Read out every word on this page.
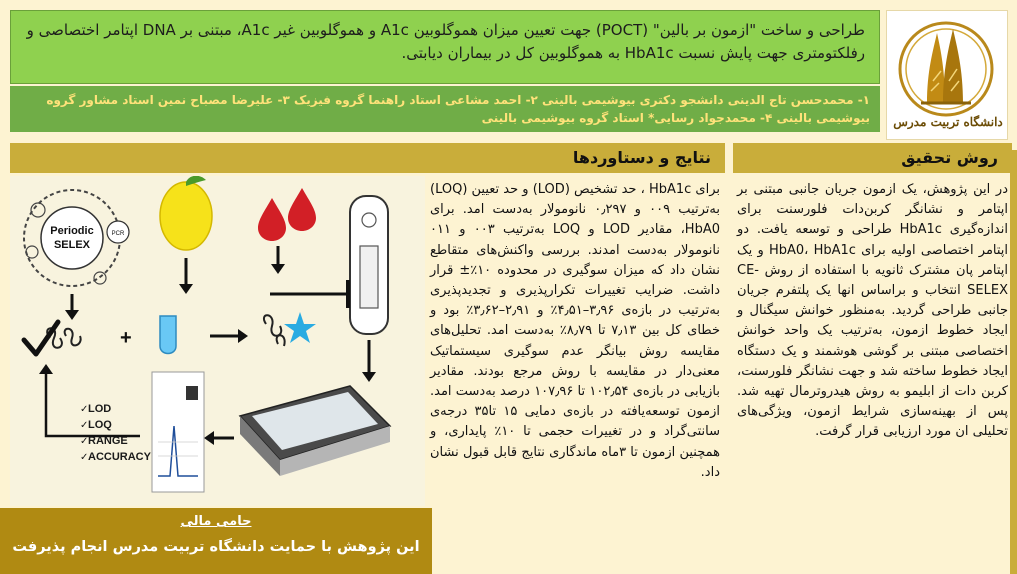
دانشگاه تربیت مدرس
طراحی و ساخت "ازمون بر بالین" (POCT) جهت تعیین میزان هموگلوبین A1c و هموگلوبین غیر A1c، مبتنی بر DNA اپتامر اختصاصی و رفلکتومتری جهت پایش نسبت HbA1c به هموگلوبین کل در بیماران دیابتی.
۱- محمدحسن تاج الدینی دانشجو دکتری بیوشیمی بالینی ۲- احمد مشاعی استاد راهنما گروه فیزیک ۳- علیرضا مصباح نمین استاد مشاور گروه بیوشیمی بالینی ۴- محمدجواد رسایی* استاد گروه بیوشیمی بالینی
نتایج و دستاوردها	روش تحقیق
در این پژوهش، یک ازمون جریان جانبی مبتنی بر اپتامر و نشانگر کربن‌دات فلورسنت برای اندازه‌گیری HbA1c طراحی و توسعه یافت. دو اپتامر اختصاصی اولیه برای HbA0، HbA1c و یک اپتامر پان مشترک ثانویه با استفاده از روش CE-SELEX انتخاب و براساس انها یک پلتفرم جریان جانبی طراحی گردید. به‌منظور خوانش سیگنال و ایجاد خطوط ازمون، به‌ترتیب یک واحد خوانش اختصاصی مبتنی بر گوشی هوشمند و یک دستگاه ایجاد خطوط ساخته شد و جهت نشانگر فلورسنت، کربن دات از ابلیمو به روش هیدروترمال تهیه شد. پس از بهینه‌سازی شرایط ازمون، ویژگی‌های تحلیلی ان مورد ارزیابی قرار گرفت.
برای HbA1c ، حد تشخیص (LOD) و حد تعیین (LOQ) به‌ترتیب ۰۰۹ و ۰٫۲۹۷ نانومولار به‌دست امد. برای HbA0، مقادیر LOD و LOQ به‌ترتیب ۰۰۳ و ۰۱۱ نانومولار به‌دست امدند. بررسی واکنش‌های متقاطع نشان داد که میزان سوگیری در محدوده ۱۰٪± قرار داشت. ضرایب تغییرات تکرارپذیری و تجدیدپذیری به‌ترتیب در بازه‌ی ۳٫۹۶–۴٫۵۱٪ و ۲٫۹۱–۳٫۶۲٪ بود و خطای کل بین ۷٫۱۳ تا ۸٫۷۹٪ به‌دست امد. تحلیل‌های مقایسه روش بیانگر عدم سوگیری سیستماتیک معنی‌دار در مقایسه با روش مرجع بودند. مقادیر بازیابی در بازه‌ی ۱۰۲٫۵۴ تا ۱۰۷٫۹۶ درصد به‌دست امد. ازمون توسعه‌یافته در بازه‌ی دمایی ۱۵ تا۳۵ درجه‌ی سانتی‌گراد و در تغییرات حجمی تا ۱۰٪ پایداری، و همچنین ازمون تا ۳ماه ماندگاری نتایج قابل قبول نشان داد.
Periodic
SELEX
PCR
+
LOD
LOQ
RANGE
ACCURACY
✓
✓
✓
✓
حامی مالی
این پژوهش با حمایت دانشگاه تربیت مدرس انجام پذیرفت
